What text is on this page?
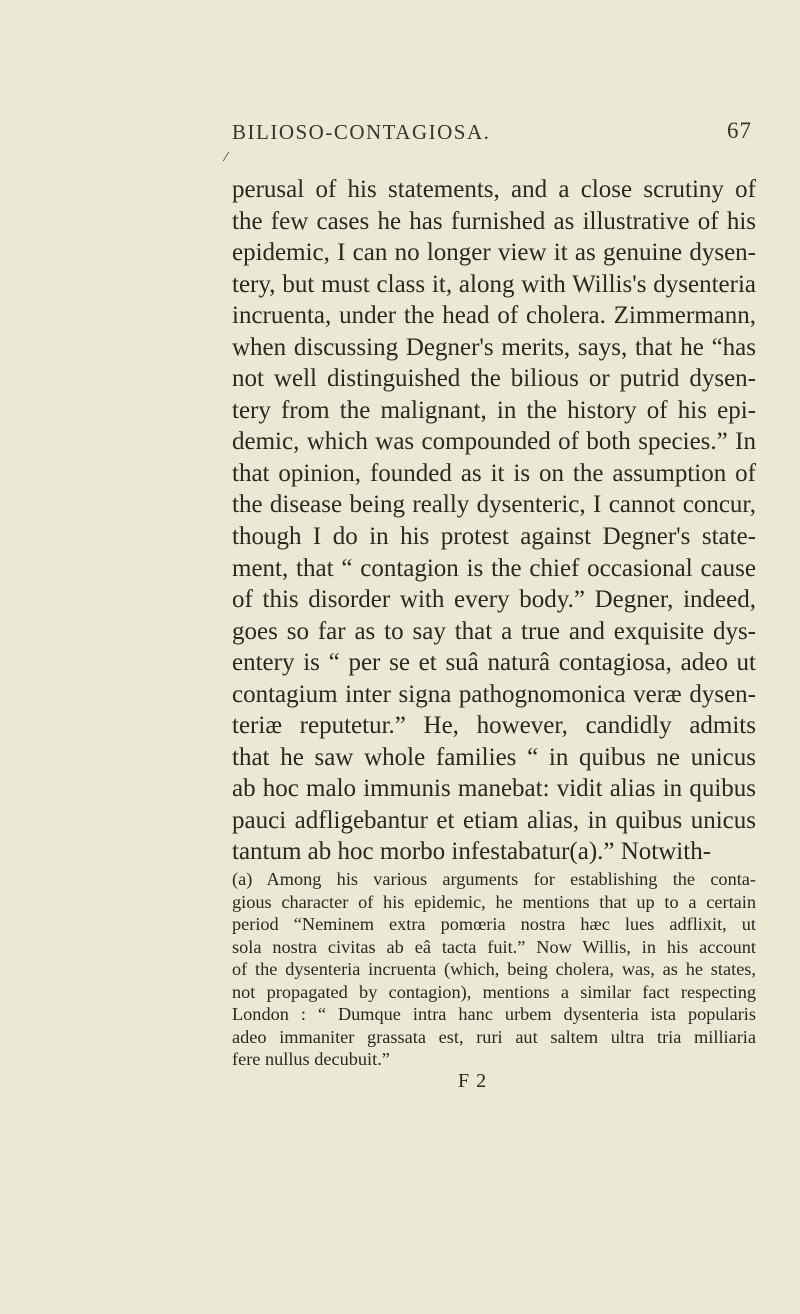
⁄
BILIOSO-CONTAGIOSA.	67
perusal of his statements, and a close scrutiny of
the few cases he has furnished as illustrative of his
epidemic, I can no longer view it as genuine dysen-
tery, but must class it, along with Willis's dysenteria
incruenta, under the head of cholera. Zimmermann,
when discussing Degner's merits, says, that he “has
not well distinguished the bilious or putrid dysen-
tery from the malignant, in the history of his epi-
demic, which was compounded of both species.” In
that opinion, founded as it is on the assumption of
the disease being really dysenteric, I cannot concur,
though I do in his protest against Degner's state-
ment, that “ contagion is the chief occasional cause
of this disorder with every body.” Degner, indeed,
goes so far as to say that a true and exquisite dys-
entery is “ per se et suâ naturâ contagiosa, adeo ut
contagium inter signa pathognomonica veræ dysen-
teriæ reputetur.” He, however, candidly admits
that he saw whole families “ in quibus ne unicus
ab hoc malo immunis manebat: vidit alias in quibus
pauci adfligebantur et etiam alias, in quibus unicus
tantum ab hoc morbo infestabatur(a).” Notwith-
(a) Among his various arguments for establishing the conta-
gious character of his epidemic, he mentions that up to a certain
period “Neminem extra pomœria nostra hæc lues adflixit, ut
sola nostra civitas ab eâ tacta fuit.” Now Willis, in his account
of the dysenteria incruenta (which, being cholera, was, as he states,
not propagated by contagion), mentions a similar fact respecting
London : “ Dumque intra hanc urbem dysenteria ista popularis
adeo immaniter grassata est, ruri aut saltem ultra tria milliaria
fere nullus decubuit.”
F 2
